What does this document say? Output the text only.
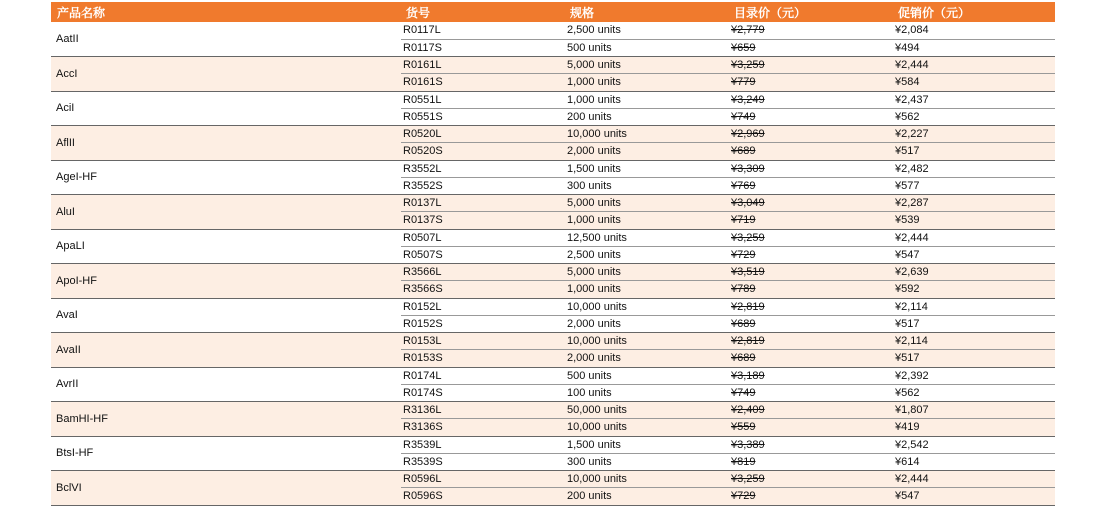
产品名称	货号	规格	目录价（元）	促销价（元）
AatII	R0117L	2,500 units	¥2,779	¥2,084
	R0117S	500 units	¥659	¥494
AccI	R0161L	5,000 units	¥3,259	¥2,444
	R0161S	1,000 units	¥779	¥584
AciI	R0551L	1,000 units	¥3,249	¥2,437
	R0551S	200 units	¥749	¥562
AflII	R0520L	10,000 units	¥2,969	¥2,227
	R0520S	2,000 units	¥689	¥517
AgeI-HF	R3552L	1,500 units	¥3,309	¥2,482
	R3552S	300 units	¥769	¥577
AluI	R0137L	5,000 units	¥3,049	¥2,287
	R0137S	1,000 units	¥719	¥539
ApaLI	R0507L	12,500 units	¥3,259	¥2,444
	R0507S	2,500 units	¥729	¥547
ApoI-HF	R3566L	5,000 units	¥3,519	¥2,639
	R3566S	1,000 units	¥789	¥592
AvaI	R0152L	10,000 units	¥2,819	¥2,114
	R0152S	2,000 units	¥689	¥517
AvaII	R0153L	10,000 units	¥2,819	¥2,114
	R0153S	2,000 units	¥689	¥517
AvrII	R0174L	500 units	¥3,189	¥2,392
	R0174S	100 units	¥749	¥562
BamHI-HF	R3136L	50,000 units	¥2,409	¥1,807
	R3136S	10,000 units	¥559	¥419
BtsI-HF	R3539L	1,500 units	¥3,389	¥2,542
	R3539S	300 units	¥819	¥614
BclVI	R0596L	10,000 units	¥3,259	¥2,444
	R0596S	200 units	¥729	¥547
